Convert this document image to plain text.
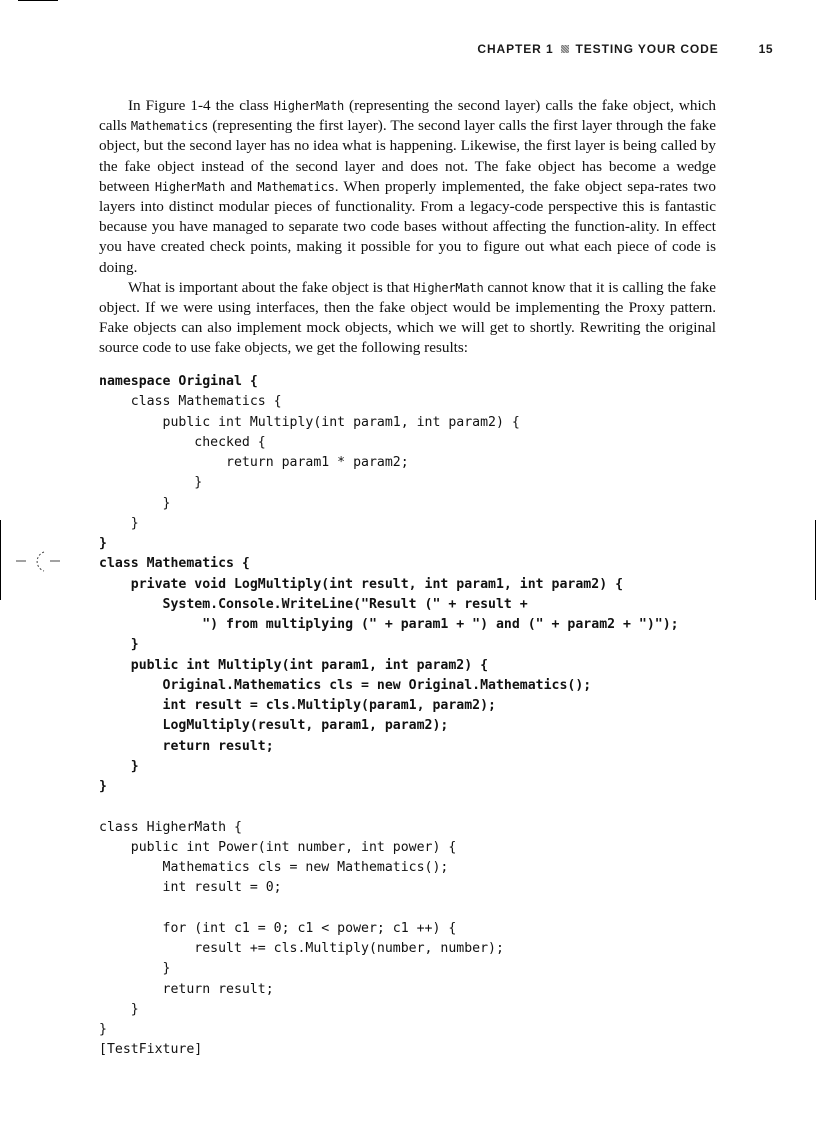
CHAPTER 1 TESTING YOUR CODE	15

In Figure 1-4 the class HigherMath (representing the second layer) calls the fake object, which calls Mathematics (representing the first layer). The second layer calls the first layer through the fake object, but the second layer has no idea what is happening. Likewise, the first layer is being called by the fake object instead of the second layer and does not. The fake object has become a wedge between HigherMath and Mathematics. When properly implemented, the fake object sepa-rates two layers into distinct modular pieces of functionality. From a legacy-code perspective this is fantastic because you have managed to separate two code bases without affecting the function-ality. In effect you have created check points, making it possible for you to figure out what each piece of code is doing.

What is important about the fake object is that HigherMath cannot know that it is calling the fake object. If we were using interfaces, then the fake object would be implementing the Proxy pattern. Fake objects can also implement mock objects, which we will get to shortly. Rewriting the original source code to use fake objects, we get the following results:

namespace Original {
class Mathematics {
public int Multiply(int param1, int param2) {
checked {
return param1 * param2;
}
}
}
}
class Mathematics {
private void LogMultiply(int result, int param1, int param2) {
System.Console.WriteLine("Result (" + result +
") from multiplying (" + param1 + ") and (" + param2 + ")");
}
public int Multiply(int param1, int param2) {
Original.Mathematics cls = new Original.Mathematics();
int result = cls.Multiply(param1, param2);
LogMultiply(result, param1, param2);
return result;
}
}
class HigherMath {
public int Power(int number, int power) {
Mathematics cls = new Mathematics();
int result = 0;
for (int c1 = 0; c1 < power; c1 ++) {
result += cls.Multiply(number, number);
}
return result;
}
}
[TestFixture]
